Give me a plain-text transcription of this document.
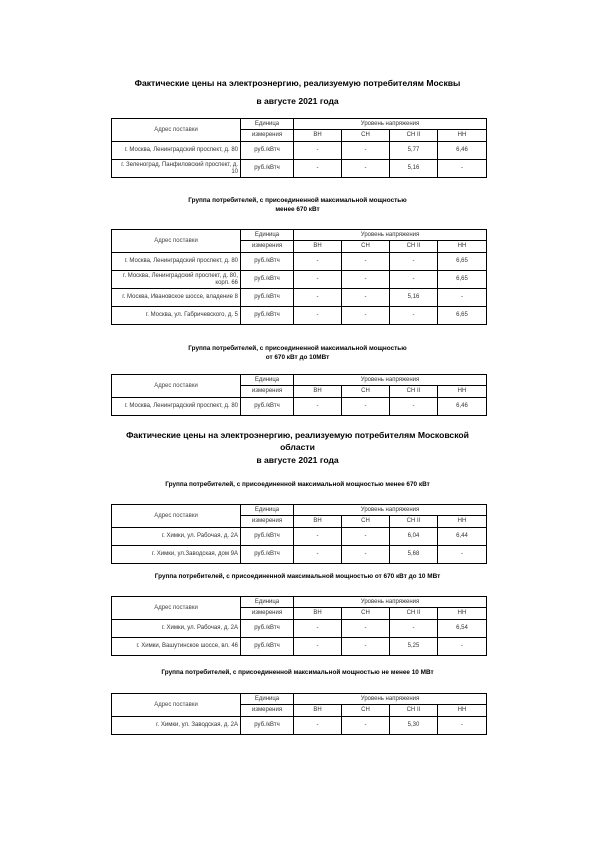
Фактические цены на электроэнергию, реализуемую потребителям Москвы
в августе 2021 года
Адрес поставки	Единица	Уровень напряжения			
	измерения	ВН	СН	СН II	НН
г. Москва, Ленинградский проспект, д. 80	руб./кВтч	-	-	5,77	6,46
г. Зеленоград, Панфиловский проспект, д. 10	руб./кВтч	-	-	5,16	-
Группа потребителей, с присоединенной максимальной мощностью
менее 670 кВт
Адрес поставки	Единица	Уровень напряжения			
	измерения	ВН	СН	СН II	НН
г. Москва, Ленинградский проспект, д. 80	руб./кВтч	-	-	-	6,65
г. Москва, Ленинградский проспект, д. 80, корп. 66	руб./кВтч	-	-	-	6,65
г. Москва, Ивановское шоссе, владение 8	руб./кВтч	-	-	5,16	-
г. Москва, ул. Габричевского, д. 5	руб./кВтч	-	-	-	6,65
Группа потребителей, с присоединенной максимальной мощностью
от 670 кВт до 10МВт
Адрес поставки	Единица	Уровень напряжения			
	измерения	ВН	СН	СН II	НН
г. Москва, Ленинградский проспект, д. 80	руб./кВтч	-	-	-	6,46
Фактические цены на электроэнергию, реализуемую потребителям Московской
области
в августе 2021 года
Группа потребителей, с присоединенной максимальной мощностью менее 670 кВт
Адрес поставки	Единица	Уровень напряжения			
	измерения	ВН	СН	СН II	НН
г. Химки, ул. Рабочая, д. 2А	руб./кВтч	-	-	6,04	6,44
г. Химки, ул.Заводская, дом 9А	руб./кВтч	-	-	5,68	-
Группа потребителей, с присоединенной максимальной мощностью от 670 кВт до 10 МВт
Адрес поставки	Единица	Уровень напряжения			
	измерения	ВН	СН	СН II	НН
г. Химки, ул. Рабочая, д. 2А	руб./кВтч	-	-	-	6,54
г. Химки, Вашутинское шоссе, вл. 46	руб./кВтч	-	-	5,25	-
Группа потребителей, с присоединенной максимальной мощностью не менее 10 МВт
Адрес поставки	Единица	Уровень напряжения			
	измерения	ВН	СН	СН II	НН
г. Химки, ул. Заводская, д. 2А	руб./кВтч	-	-	5,30	-
